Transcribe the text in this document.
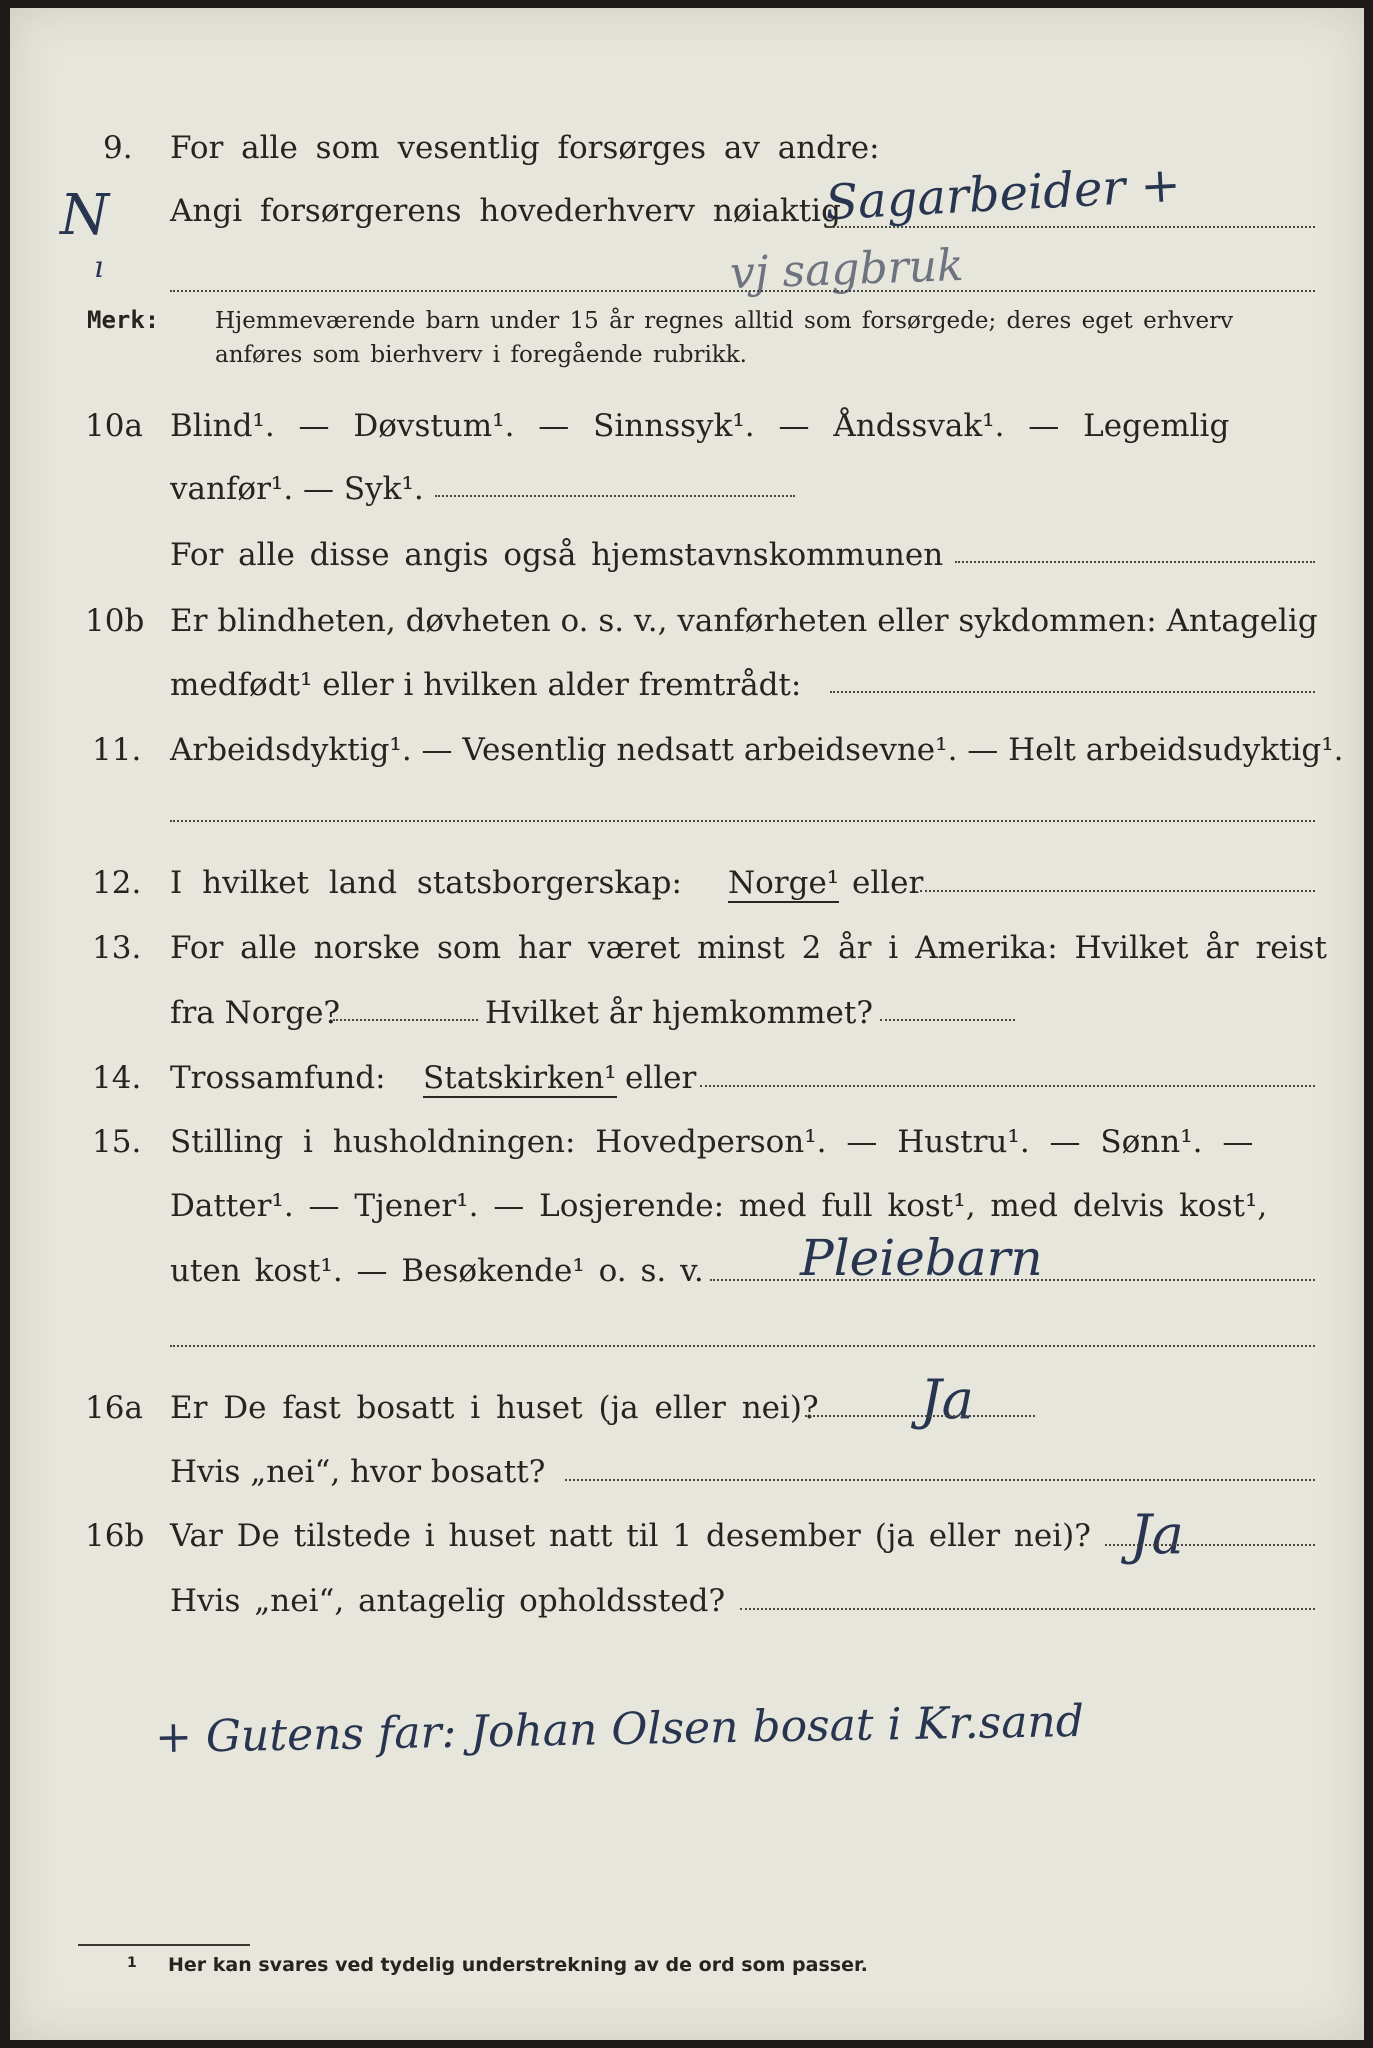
9. For alle som vesentlig forsørges av andre:
Sagarbeider +
Angi forsørgerens hovederhverv nøiaktig
vj sagbruk
N
ı
Merk: Hjemmeværende barn under 15 år regnes alltid som forsørgede; deres eget erhverv
anføres som bierhverv i foregående rubrikk.
10a Blind¹. — Døvstum¹. — Sinnssyk¹. — Åndssvak¹. — Legemlig
vanfør¹. — Syk¹.
For alle disse angis også hjemstavnskommunen
10b Er blindheten, døvheten o. s. v., vanførheten eller sykdommen: Antagelig
medfødt¹ eller i hvilken alder fremtrådt:
11. Arbeidsdyktig¹. — Vesentlig nedsatt arbeidsevne¹. — Helt arbeidsudyktig¹.
12. I hvilket land statsborgerskap: Norge¹ eller
13. For alle norske som har været minst 2 år i Amerika: Hvilket år reist
fra Norge?	Hvilket år hjemkommet?
14. Trossamfund: Statskirken¹ eller
15. Stilling i husholdningen: Hovedperson¹. — Hustru¹. — Sønn¹. —
Datter¹. — Tjener¹. — Losjerende: med full kost¹, med delvis kost¹,
uten kost¹. — Besøkende¹ o. s. v. Pleiebarn
16a Er De fast bosatt i huset (ja eller nei)? Ja
Hvis „nei“, hvor bosatt?
16b Var De tilstede i huset natt til 1 desember (ja eller nei)? Ja
Hvis „nei“, antagelig opholdssted?
+ Gutens far: Johan Olsen bosat i Kr.sand
1 Her kan svares ved tydelig understrekning av de ord som passer.
